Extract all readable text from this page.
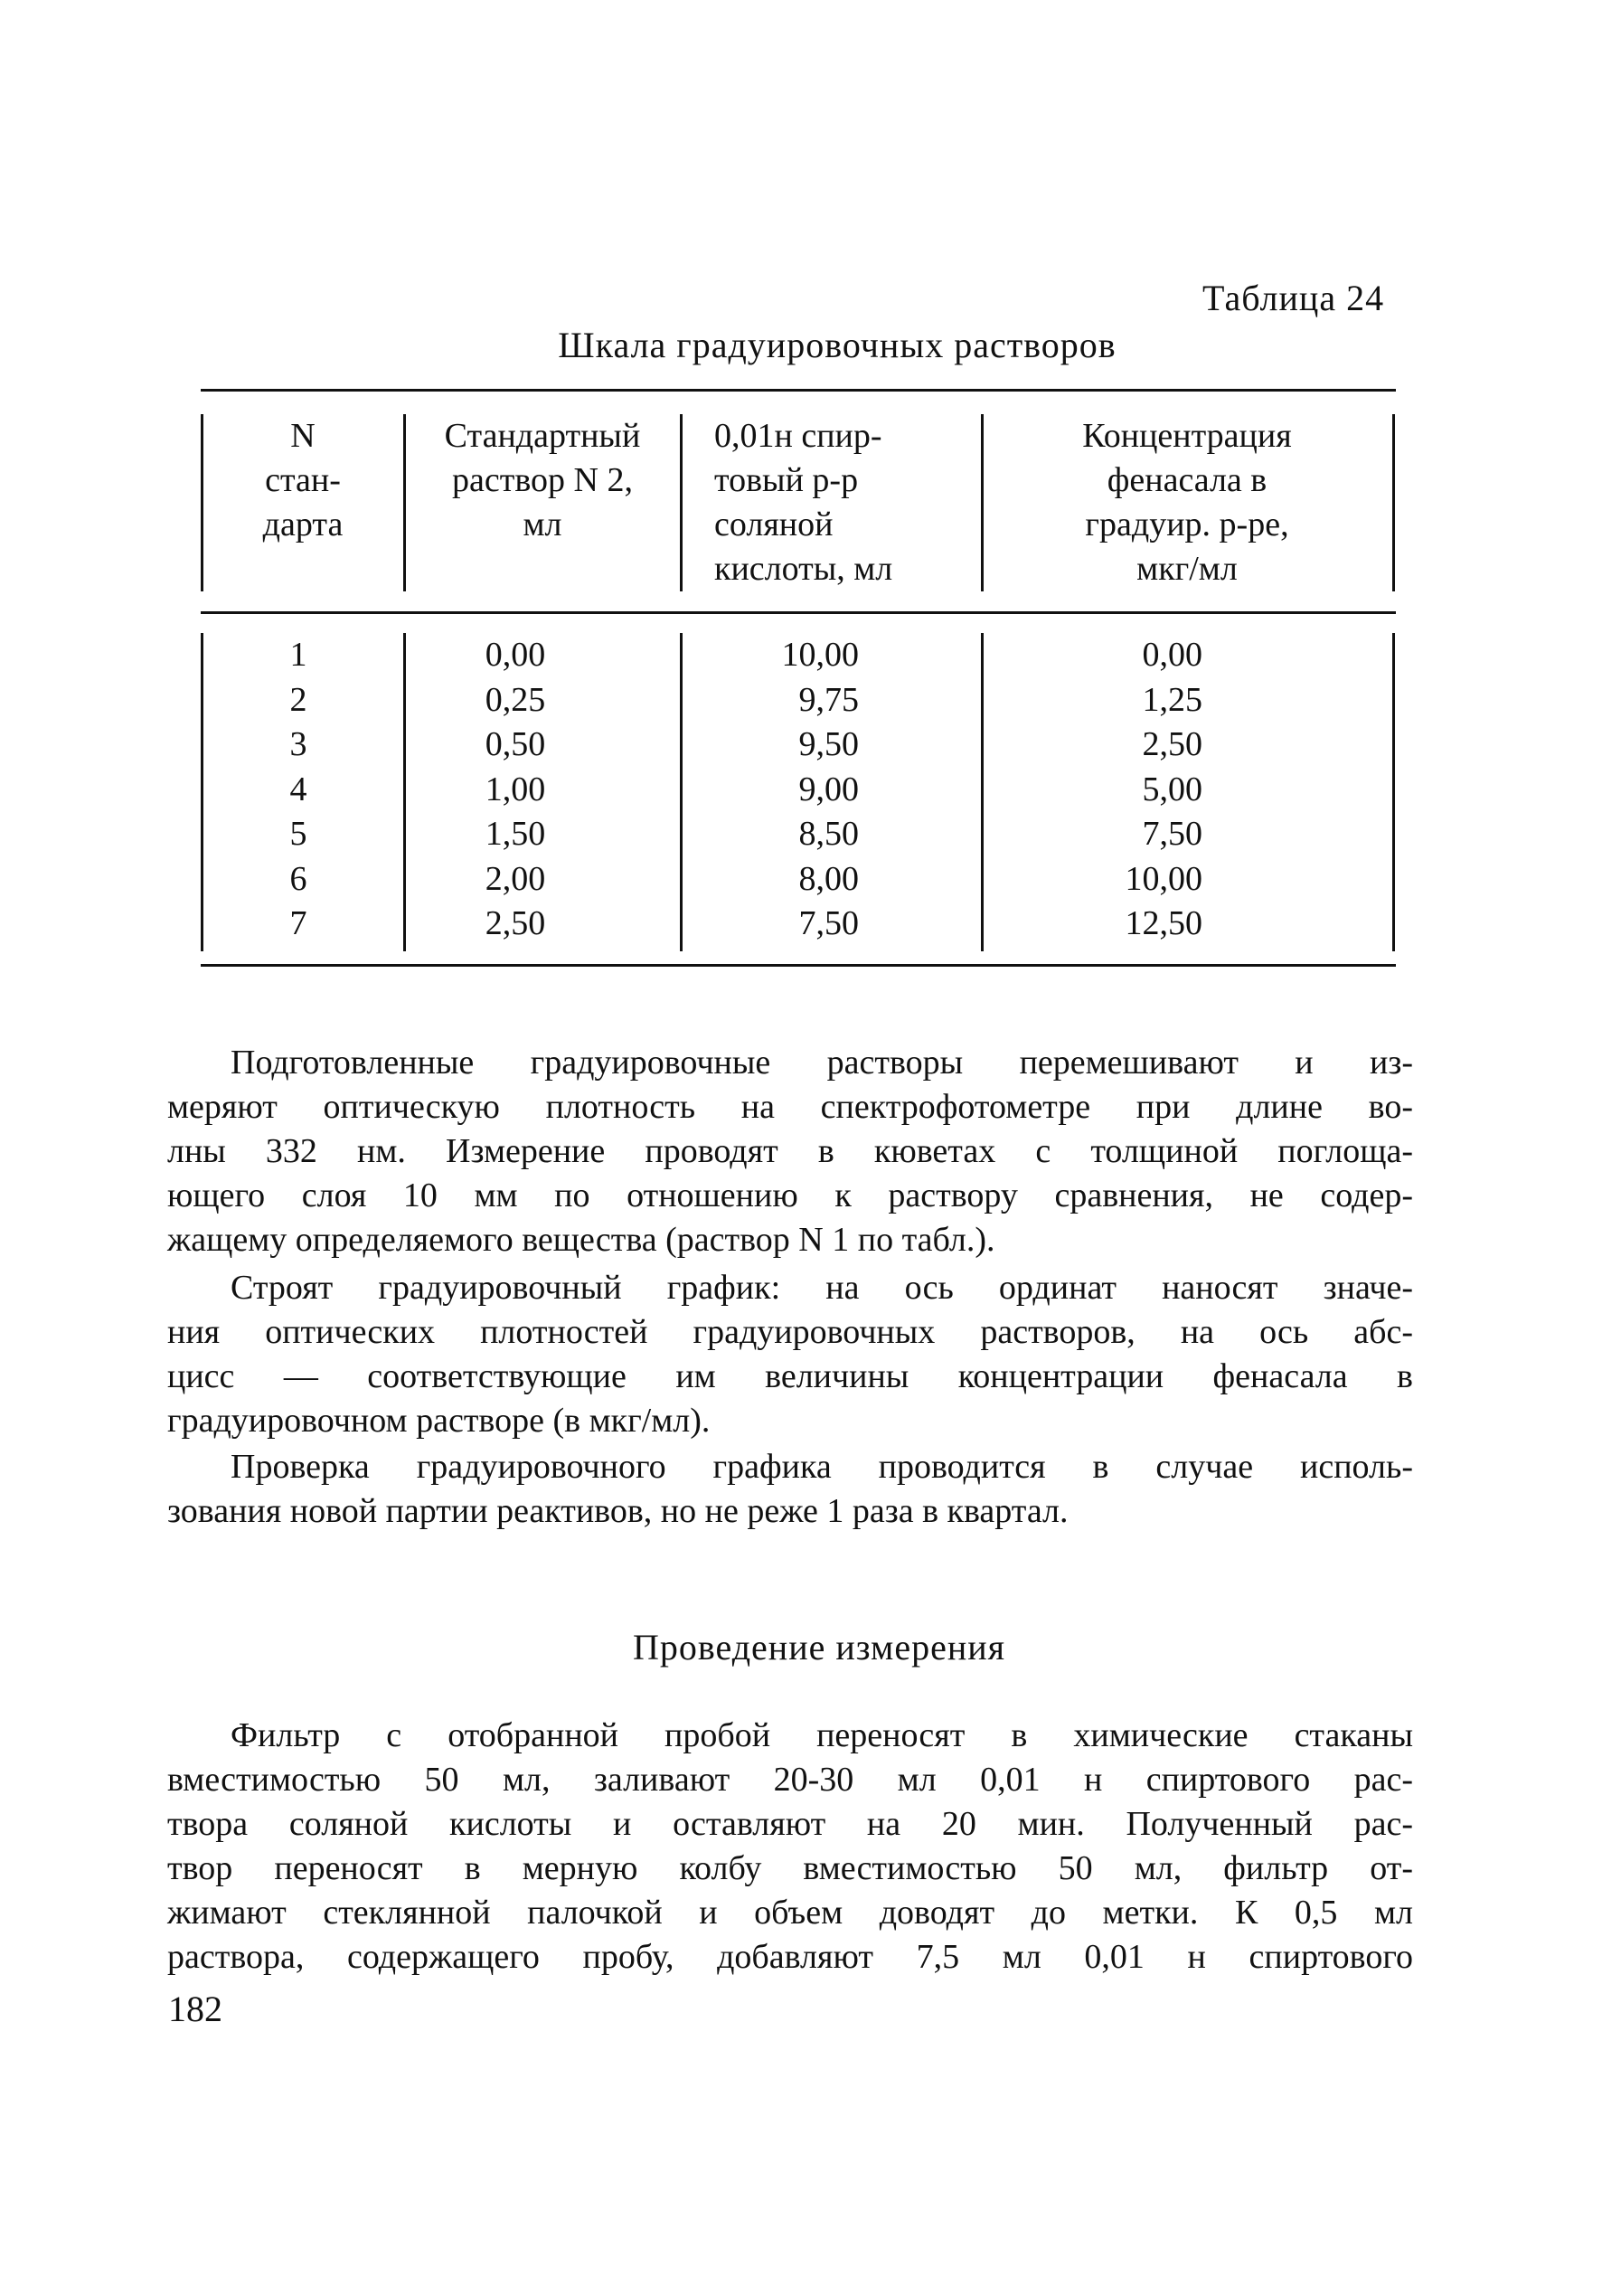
Таблица 24
Шкала градуировочных растворов
N
стан-
дарта
Стандартный
раствор N 2,
мл
0,01н спир-
товый р-р
соляной
кислоты, мл
Концентрация
фенасала в
градуир. р-ре,
мкг/мл
1
2
3
4
5
6
7
0,00
0,25
0,50
1,00
1,50
2,00
2,50
10,00
9,75
9,50
9,00
8,50
8,00
7,50
0,00
1,25
2,50
5,00
7,50
10,00
12,50
Подготовленные градуировочные растворы перемешивают и из-
меряют оптическую плотность на спектрофотометре при длине во-
лны 332 нм. Измерение проводят в кюветах с толщиной поглоща-
ющего слоя 10 мм по отношению к раствору сравнения, не содер-
жащему определяемого вещества (раствор N 1 по табл.).
Строят градуировочный график: на ось ординат наносят значе-
ния оптических плотностей градуировочных растворов, на ось абс-
цисс — соответствующие им величины концентрации фенасала в
градуировочном растворе (в мкг/мл).
Проверка градуировочного графика проводится в случае исполь-
зования новой партии реактивов, но не реже 1 раза в квартал.
Проведение измерения
Фильтр с отобранной пробой переносят в химические стаканы
вместимостью 50 мл, заливают 20-30 мл 0,01 н спиртового рас-
твора соляной кислоты и оставляют на 20 мин. Полученный рас-
твор переносят в мерную колбу вместимостью 50 мл, фильтр от-
жимают стеклянной палочкой и объем доводят до метки. К 0,5 мл
раствора, содержащего пробу, добавляют 7,5 мл 0,01 н спиртового
182
